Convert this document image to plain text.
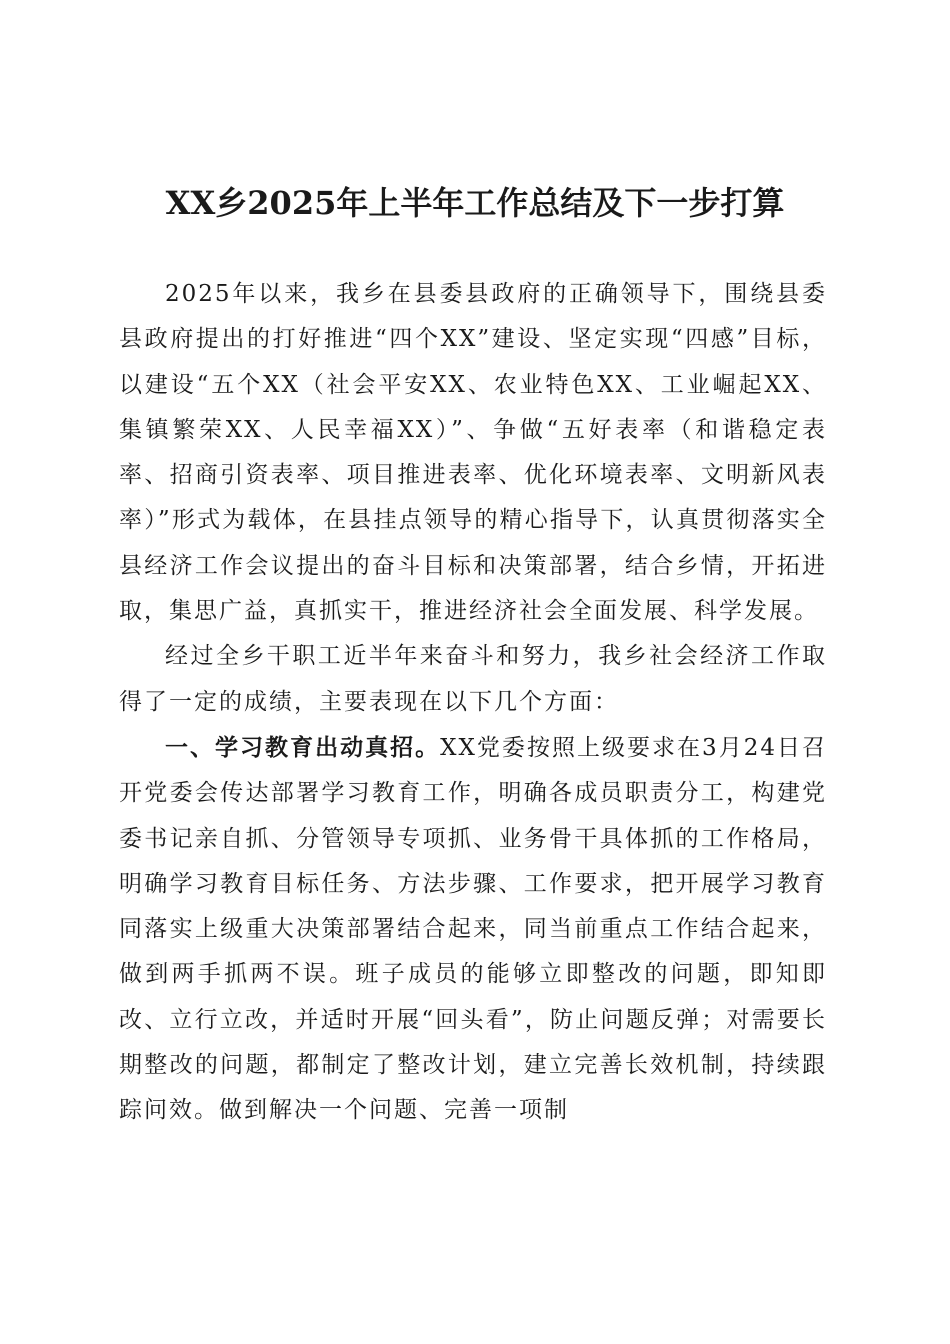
XX乡2025年上半年工作总结及下一步打算

2025年以来，我乡在县委县政府的正确领导下，围绕县委县政府提出的打好推进“四个XX”建设、坚定实现“四感”目标，以建设“五个XX（社会平安XX、农业特色XX、工业崛起XX、集镇繁荣XX、人民幸福XX）”、争做“五好表率（和谐稳定表率、招商引资表率、项目推进表率、优化环境表率、文明新风表率）”形式为载体，在县挂点领导的精心指导下，认真贯彻落实全县经济工作会议提出的奋斗目标和决策部署，结合乡情，开拓进取，集思广益，真抓实干，推进经济社会全面发展、科学发展。

经过全乡干职工近半年来奋斗和努力，我乡社会经济工作取得了一定的成绩，主要表现在以下几个方面：

一、学习教育出动真招。XX党委按照上级要求在3月24日召开党委会传达部署学习教育工作，明确各成员职责分工，构建党委书记亲自抓、分管领导专项抓、业务骨干具体抓的工作格局，明确学习教育目标任务、方法步骤、工作要求，把开展学习教育同落实上级重大决策部署结合起来，同当前重点工作结合起来，做到两手抓两不误。班子成员的能够立即整改的问题，即知即改、立行立改，并适时开展“回头看”，防止问题反弹；对需要长期整改的问题，都制定了整改计划，建立完善长效机制，持续跟踪问效。做到解决一个问题、完善一项制
